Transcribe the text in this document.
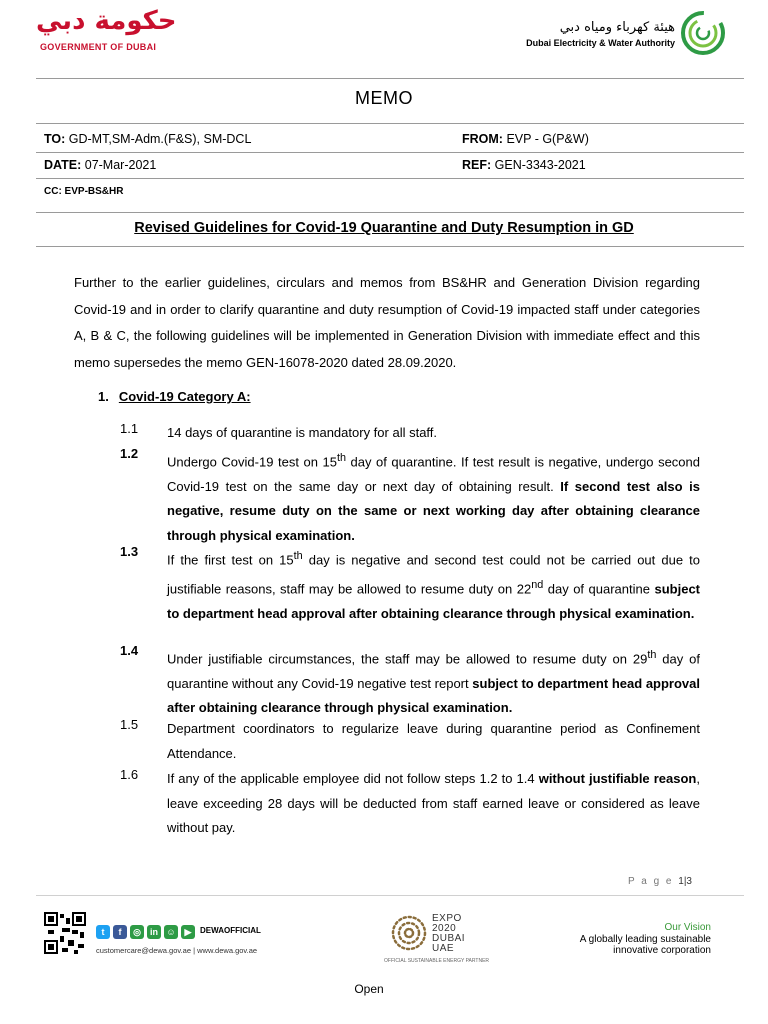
حكومة دبي
GOVERNMENT OF DUBAI
هيئة كهرباء ومياه دبي
Dubai Electricity & Water Authority
MEMO
TO: GD-MT,SM-Adm.(F&S), SM-DCL	FROM: EVP - G(P&W)
DATE: 07-Mar-2021	REF: GEN-3343-2021
CC: EVP-BS&HR
Revised Guidelines for Covid-19 Quarantine and Duty Resumption in GD
Further to the earlier guidelines, circulars and memos from BS&HR and Generation Division regarding Covid-19 and in order to clarify quarantine and duty resumption of Covid-19 impacted staff under categories A, B & C, the following guidelines will be implemented in Generation Division with immediate effect and this memo supersedes the memo GEN-16078-2020 dated 28.09.2020.
1. Covid-19 Category A:
1.1	14 days of quarantine is mandatory for all staff.
1.2
Undergo Covid-19 test on 15th day of quarantine. If test result is negative, undergo second Covid-19 test on the same day or next day of obtaining result. If second test also is negative, resume duty on the same or next working day after obtaining clearance through physical examination.
1.3
If the first test on 15th day is negative and second test could not be carried out due to justifiable reasons, staff may be allowed to resume duty on 22nd day of quarantine subject to department head approval after obtaining clearance through physical examination.
1.4
Under justifiable circumstances, the staff may be allowed to resume duty on 29th day of quarantine without any Covid-19 negative test report subject to department head approval after obtaining clearance through physical examination.
1.5	Department coordinators to regularize leave during quarantine period as Confinement Attendance.
1.6	If any of the applicable employee did not follow steps 1.2 to 1.4 without justifiable reason, leave exceeding 28 days will be deducted from staff earned leave or considered as leave without pay.
P a g e 1|3
t	f	◎	in ☺ ▶	DEWAOFFICIAL
customercare@dewa.gov.ae | www.dewa.gov.ae
EXPO
2020
DUBAI
UAE
OFFICIAL SUSTAINABLE ENERGY PARTNER
Our Vision
A globally leading sustainable
innovative corporation
Open
